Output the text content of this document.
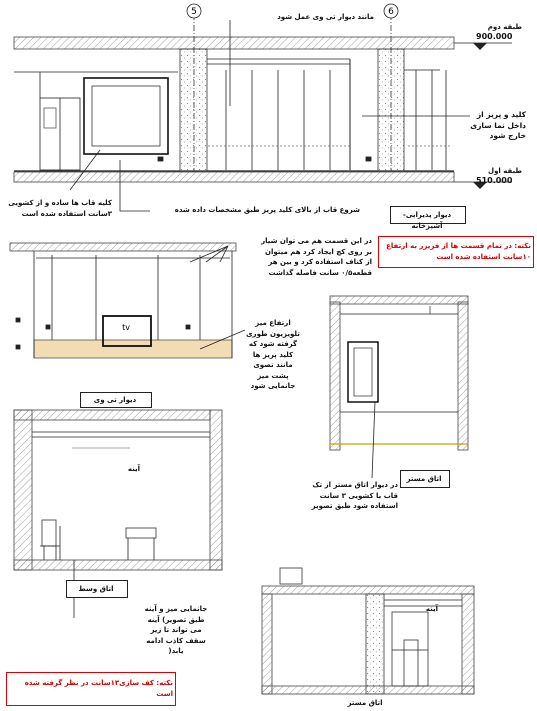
5	6
tv
طبقه دوم
900.000
طبقه اول
510.000
مانند دیوار تی وی عمل شود
کلید و پریز از
داخل نما سازی
خارج شود
کلیه قاب ها ساده و از کشویی
۳سانت استفاده شده است	شروع قاب از بالای کلید پریز طبق مشخصات داده شده
دیوار پذیرایی-آشپزخانه
در این قسمت هم می توان شیار
بر روی کچ ایجاد کرد هم میتوان
از کناف استفاده کرد و بین هر
قطعه۰/۵ سانت فاصله گذاشت
ارتفاع میز
تلویزیون طوری
گرفته شود که
کلید پریز ها
مانند تصوی
پشت میز
جانمایی شود
دیوار تی وی
نکته: در تمام قسمت ها از فریزر به ارتفاع
۱۰سانت استفاده شده است
آینه
اتاق مستر
در دیوار اتاق مستر از تک
قاب با کشویی ۳ سانت
استفاده شود طبق تصویر
آینه
اتاق وسط
جانمایی میز و آینه
طبق تصویر) آینه
می تواند تا زیر
سقف کاذب ادامه
یابد(
نکته: کف سازی۱۳سانت در نظر گرفته شده
است
اتاق مستر
